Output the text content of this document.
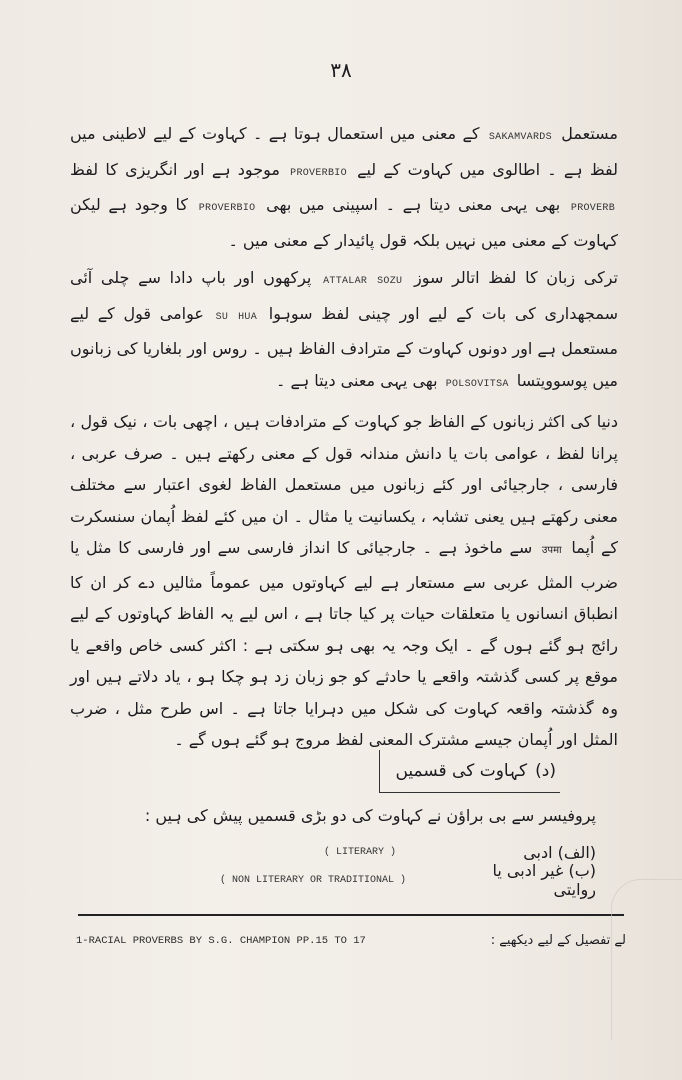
۳۸

مستعمل SAKAMVARDS کے معنی میں استعمال ہوتا ہے ۔ کہاوت کے لیے لاطینی میں لفظ ہے ۔ اطالوی میں کہاوت کے لیے PROVERBIO موجود ہے اور انگریزی کا لفظ PROVERB بھی یہی معنی دیتا ہے ۔ اسپینی میں بھی PROVERBIO کا وجود ہے لیکن کہاوت کے معنی میں نہیں بلکہ قول پائیدار کے معنی میں ۔

ترکی زبان کا لفظ اتالر سوز ATTALAR SOZU پرکھوں اور باپ دادا سے چلی آئی سمجھداری کی بات کے لیے اور چینی لفظ سوہوا SU HUA عوامی قول کے لیے مستعمل ہے اور دونوں کہاوت کے مترادف الفاظ ہیں ۔ روس اور بلغاریا کی زبانوں میں پوسوویتسا POLSOVITSA بھی یہی معنی دیتا ہے ۔

دنیا کی اکثر زبانوں کے الفاظ جو کہاوت کے مترادفات ہیں ، اچھی بات ، نیک قول ، پرانا لفظ ، عوامی بات یا دانش مندانہ قول کے معنی رکھتے ہیں ۔ صرف عربی ، فارسی ، جارجیائی اور کئے زبانوں میں مستعمل الفاظ لغوی اعتبار سے مختلف معنی رکھتے ہیں یعنی تشابہ ، یکسانیت یا مثال ۔ ان میں کئے لفظ اُپمان سنسکرت کے اُپما उपमा سے ماخوذ ہے ۔ جارجیائی کا انداز فارسی سے اور فارسی کا مثل یا ضرب المثل عربی سے مستعار ہے لیے کہاوتوں میں عموماً مثالیں دے کر ان کا انطباق انسانوں یا متعلقات حیات پر کیا جاتا ہے ، اس لیے یہ الفاظ کہاوتوں کے لیے رائج ہو گئے ہوں گے ۔ ایک وجہ یہ بھی ہو سکتی ہے : اکثر کسی خاص واقعے یا موقع پر کسی گذشتہ واقعے یا حادثے کو جو زبان زد ہو چکا ہو ، یاد دلاتے ہیں اور وہ گذشتہ واقعہ کہاوت کی شکل میں دہرایا جاتا ہے ۔ اس طرح مثل ، ضرب المثل اور اُپمان جیسے مشترک المعنی لفظ مروج ہو گئے ہوں گے ۔

(د)
کہاوت کی قسمیں
پروفیسر سے بی براؤن نے کہاوت کی دو بڑی قسمیں پیش کی ہیں :
(الف) ادبی
( LITERARY )
(ب) غیر ادبی یا روایتی
( NON LITERARY OR TRADITIONAL )
1-RACIAL PROVERBS BY S.G. CHAMPION PP.15 TO 17	لے تفصیل کے لیے دیکھیے :
